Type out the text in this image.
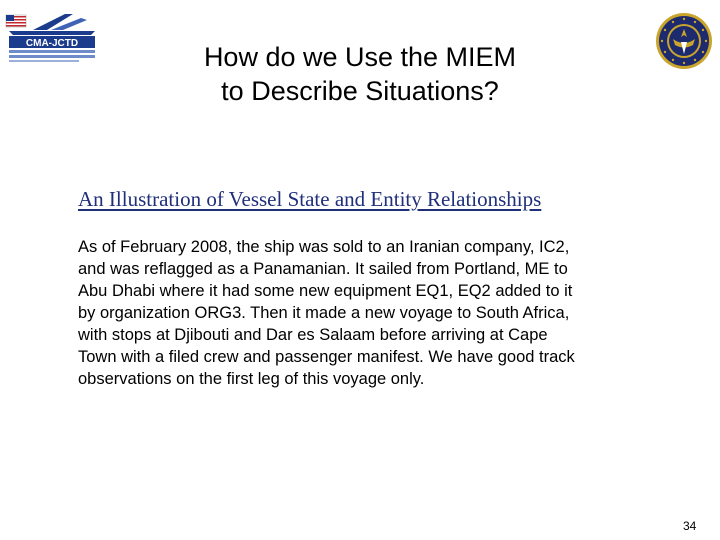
CMA-JCTD	How do we Use the MIEM
to Describe Situations?
An Illustration of Vessel State and Entity Relationships
As of February 2008, the ship was sold to an Iranian company, IC2,
and was reflagged as a Panamanian. It sailed from Portland, ME to
Abu Dhabi where it had some new equipment EQ1, EQ2 added to it
by organization ORG3. Then it made a new voyage to South Africa,
with stops at Djibouti and Dar es Salaam before arriving at Cape
Town with a filed crew and passenger manifest. We have good track
observations on the first leg of this voyage only.
34
